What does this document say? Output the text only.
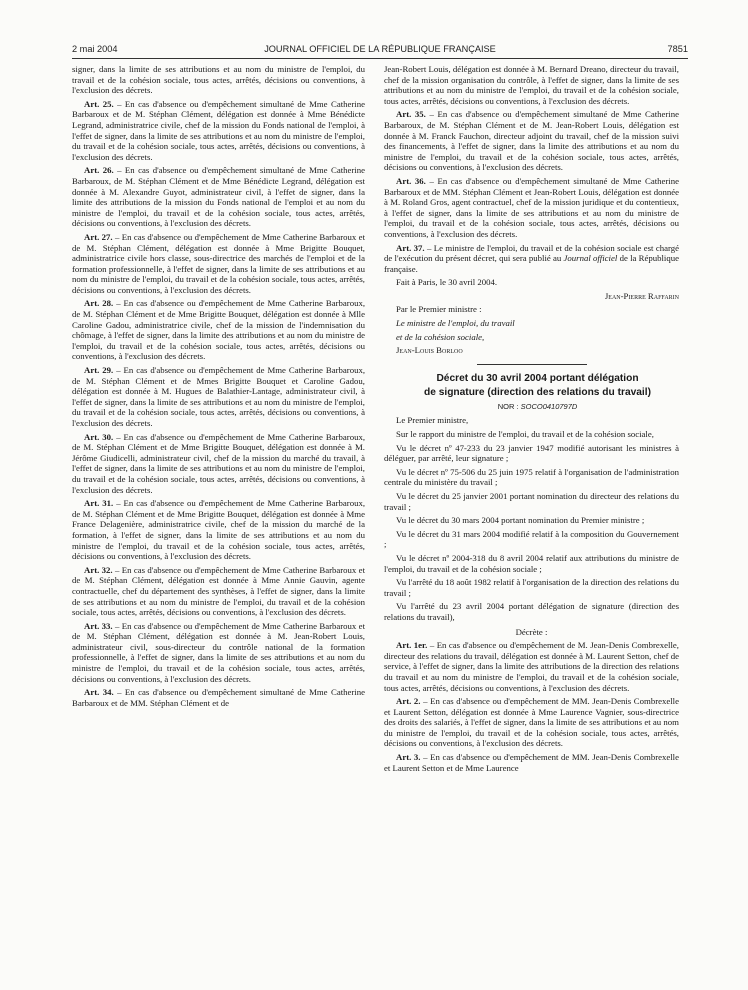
2 mai 2004	JOURNAL OFFICIEL DE LA RÉPUBLIQUE FRANÇAISE	7851

signer, dans la limite de ses attributions et au nom du ministre de l'emploi, du travail et de la cohésion sociale, tous actes, arrêtés, décisions ou conventions, à l'exclusion des décrets.

Art. 25. – En cas d'absence ou d'empêchement simultané de Mme Catherine Barbaroux et de M. Stéphan Clément, délégation est donnée à Mme Bénédicte Legrand, administratrice civile, chef de la mission du Fonds national de l'emploi, à l'effet de signer, dans la limite de ses attributions et au nom du ministre de l'emploi, du travail et de la cohésion sociale, tous actes, arrêtés, décisions ou conventions, à l'exclusion des décrets.

Art. 26. – En cas d'absence ou d'empêchement simultané de Mme Catherine Barbaroux, de M. Stéphan Clément et de Mme Bénédicte Legrand, délégation est donnée à M. Alexandre Guyot, administrateur civil, à l'effet de signer, dans la limite des attributions de la mission du Fonds national de l'emploi et au nom du ministre de l'emploi, du travail et de la cohésion sociale, tous actes, arrêtés, décisions ou conventions, à l'exclusion des décrets.

Art. 27. – En cas d'absence ou d'empêchement de Mme Catherine Barbaroux et de M. Stéphan Clément, délégation est donnée à Mme Brigitte Bouquet, administratrice civile hors classe, sous-directrice des marchés de l'emploi et de la formation professionnelle, à l'effet de signer, dans la limite de ses attributions et au nom du ministre de l'emploi, du travail et de la cohésion sociale, tous actes, arrêtés, décisions ou conventions, à l'exclusion des décrets.

Art. 28. – En cas d'absence ou d'empêchement de Mme Catherine Barbaroux, de M. Stéphan Clément et de Mme Brigitte Bouquet, délégation est donnée à Mlle Caroline Gadou, administratrice civile, chef de la mission de l'indemnisation du chômage, à l'effet de signer, dans la limite des attributions et au nom du ministre de l'emploi, du travail et de la cohésion sociale, tous actes, arrêtés, décisions ou conventions, à l'exclusion des décrets.

Art. 29. – En cas d'absence ou d'empêchement de Mme Catherine Barbaroux, de M. Stéphan Clément et de Mmes Brigitte Bouquet et Caroline Gadou, délégation est donnée à M. Hugues de Balathier-Lantage, administrateur civil, à l'effet de signer, dans la limite de ses attributions et au nom du ministre de l'emploi, du travail et de la cohésion sociale, tous actes, arrêtés, décisions ou conventions, à l'exclusion des décrets.

Art. 30. – En cas d'absence ou d'empêchement de Mme Catherine Barbaroux, de M. Stéphan Clément et de Mme Brigitte Bouquet, délégation est donnée à M. Jérôme Giudicelli, administrateur civil, chef de la mission du marché du travail, à l'effet de signer, dans la limite de ses attributions et au nom du ministre de l'emploi, du travail et de la cohésion sociale, tous actes, arrêtés, décisions ou conventions, à l'exclusion des décrets.

Art. 31. – En cas d'absence ou d'empêchement de Mme Catherine Barbaroux, de M. Stéphan Clément et de Mme Brigitte Bouquet, délégation est donnée à Mme France Delagenière, administratrice civile, chef de la mission du marché de la formation, à l'effet de signer, dans la limite de ses attributions et au nom du ministre de l'emploi, du travail et de la cohésion sociale, tous actes, arrêtés, décisions ou conventions, à l'exclusion des décrets.

Art. 32. – En cas d'absence ou d'empêchement de Mme Catherine Barbaroux et de M. Stéphan Clément, délégation est donnée à Mme Annie Gauvin, agente contractuelle, chef du département des synthèses, à l'effet de signer, dans la limite de ses attributions et au nom du ministre de l'emploi, du travail et de la cohésion sociale, tous actes, arrêtés, décisions ou conventions, à l'exclusion des décrets.

Art. 33. – En cas d'absence ou d'empêchement de Mme Catherine Barbaroux et de M. Stéphan Clément, délégation est donnée à M. Jean-Robert Louis, administrateur civil, sous-directeur du contrôle national de la formation professionnelle, à l'effet de signer, dans la limite de ses attributions et au nom du ministre de l'emploi, du travail et de la cohésion sociale, tous actes, arrêtés, décisions ou conventions, à l'exclusion des décrets.

Art. 34. – En cas d'absence ou d'empêchement simultané de Mme Catherine Barbaroux et de MM. Stéphan Clément et de

Jean-Robert Louis, délégation est donnée à M. Bernard Dreano, directeur du travail, chef de la mission organisation du contrôle, à l'effet de signer, dans la limite de ses attributions et au nom du ministre de l'emploi, du travail et de la cohésion sociale, tous actes, arrêtés, décisions ou conventions, à l'exclusion des décrets.

Art. 35. – En cas d'absence ou d'empêchement simultané de Mme Catherine Barbaroux, de M. Stéphan Clément et de M. Jean-Robert Louis, délégation est donnée à M. Franck Fauchon, directeur adjoint du travail, chef de la mission suivi des financements, à l'effet de signer, dans la limite des attributions et au nom du ministre de l'emploi, du travail et de la cohésion sociale, tous actes, arrêtés, décisions ou conventions, à l'exclusion des décrets.

Art. 36. – En cas d'absence ou d'empêchement simultané de Mme Catherine Barbaroux et de MM. Stéphan Clément et Jean-Robert Louis, délégation est donnée à M. Roland Gros, agent contractuel, chef de la mission juridique et du contentieux, à l'effet de signer, dans la limite de ses attributions et au nom du ministre de l'emploi, du travail et de la cohésion sociale, tous actes, arrêtés, décisions ou conventions, à l'exclusion des décrets.

Art. 37. – Le ministre de l'emploi, du travail et de la cohésion sociale est chargé de l'exécution du présent décret, qui sera publié au Journal officiel de la République française.

Fait à Paris, le 30 avril 2004.

Jean-Pierre Raffarin

Par le Premier ministre :

Le ministre de l'emploi, du travail

et de la cohésion sociale,

Jean-Louis Borloo

Décret du 30 avril 2004 portant délégation

de signature (direction des relations du travail)

NOR : SOCO0410797D

Le Premier ministre,

Sur le rapport du ministre de l'emploi, du travail et de la cohésion sociale,

Vu le décret nº 47-233 du 23 janvier 1947 modifié autorisant les ministres à déléguer, par arrêté, leur signature ;

Vu le décret nº 75-506 du 25 juin 1975 relatif à l'organisation de l'administration centrale du ministère du travail ;

Vu le décret du 25 janvier 2001 portant nomination du directeur des relations du travail ;

Vu le décret du 30 mars 2004 portant nomination du Premier ministre ;

Vu le décret du 31 mars 2004 modifié relatif à la composition du Gouvernement ;

Vu le décret nº 2004-318 du 8 avril 2004 relatif aux attributions du ministre de l'emploi, du travail et de la cohésion sociale ;

Vu l'arrêté du 18 août 1982 relatif à l'organisation de la direction des relations du travail ;

Vu l'arrêté du 23 avril 2004 portant délégation de signature (direction des relations du travail),

Décrète :

Art. 1er. – En cas d'absence ou d'empêchement de M. Jean-Denis Combrexelle, directeur des relations du travail, délégation est donnée à M. Laurent Setton, chef de service, à l'effet de signer, dans la limite des attributions de la direction des relations du travail et au nom du ministre de l'emploi, du travail et de la cohésion sociale, tous actes, arrêtés, décisions ou conventions, à l'exclusion des décrets.

Art. 2. – En cas d'absence ou d'empêchement de MM. Jean-Denis Combrexelle et Laurent Setton, délégation est donnée à Mme Laurence Vagnier, sous-directrice des droits des salariés, à l'effet de signer, dans la limite de ses attributions et au nom du ministre de l'emploi, du travail et de la cohésion sociale, tous actes, arrêtés, décisions ou conventions, à l'exclusion des décrets.

Art. 3. – En cas d'absence ou d'empêchement de MM. Jean-Denis Combrexelle et Laurent Setton et de Mme Laurence
